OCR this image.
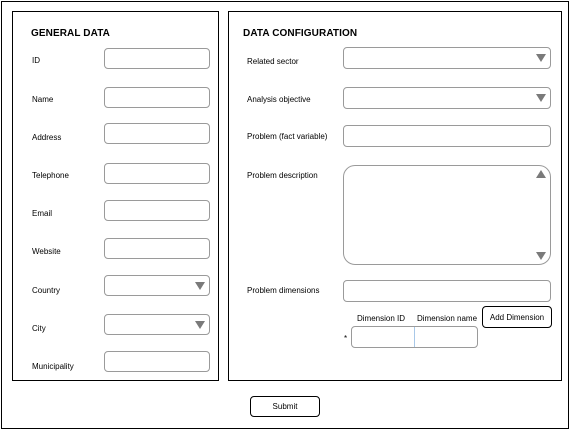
GENERAL DATA
ID
Name
Address
Telephone
Email
Website
Country
City
Municipality
DATA CONFIGURATION
Related sector
Analysis objective
Problem (fact variable)
Problem description
Problem dimensions
Dimension ID Dimension name	Add Dimension
*
Submit
